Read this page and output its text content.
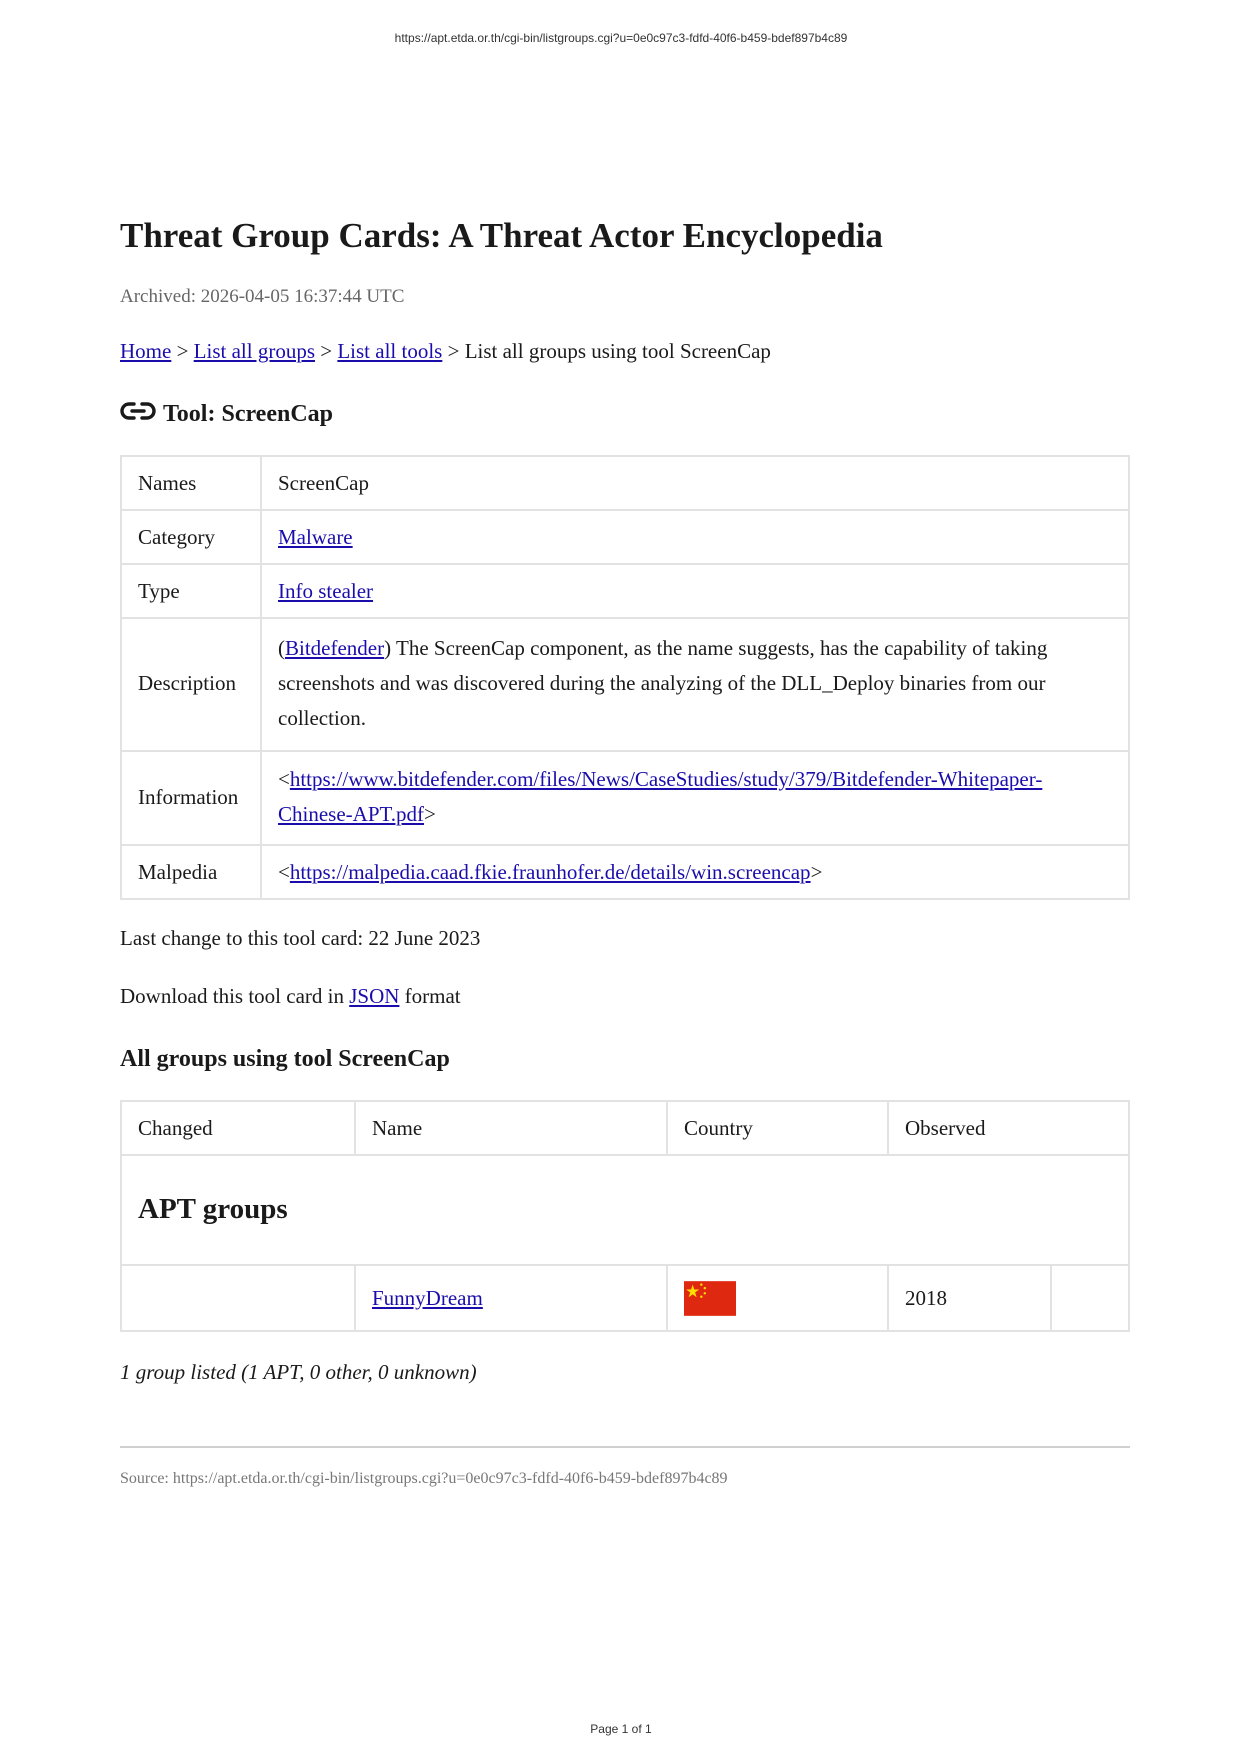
https://apt.etda.or.th/cgi-bin/listgroups.cgi?u=0e0c97c3-fdfd-40f6-b459-bdef897b4c89
Threat Group Cards: A Threat Actor Encyclopedia
Archived: 2026-04-05 16:37:44 UTC
Home > List all groups > List all tools > List all groups using tool ScreenCap
Tool: ScreenCap
Names	ScreenCap
Category	Malware
Type	Info stealer
Description	(Bitdefender) The ScreenCap component, as the name suggests, has the capability of taking screenshots and was discovered during the analyzing of the DLL_Deploy binaries from our collection.
Information	<https://www.bitdefender.com/files/News/CaseStudies/study/379/Bitdefender-Whitepaper-Chinese-APT.pdf>
Malpedia	<https://malpedia.caad.fkie.fraunhofer.de/details/win.screencap>
Last change to this tool card: 22 June 2023
Download this tool card in JSON format
All groups using tool ScreenCap
Changed	Name	Country	Observed	
APT groups				
	FunnyDream		2018	
1 group listed (1 APT, 0 other, 0 unknown)
Source: https://apt.etda.or.th/cgi-bin/listgroups.cgi?u=0e0c97c3-fdfd-40f6-b459-bdef897b4c89
Page 1 of 1
